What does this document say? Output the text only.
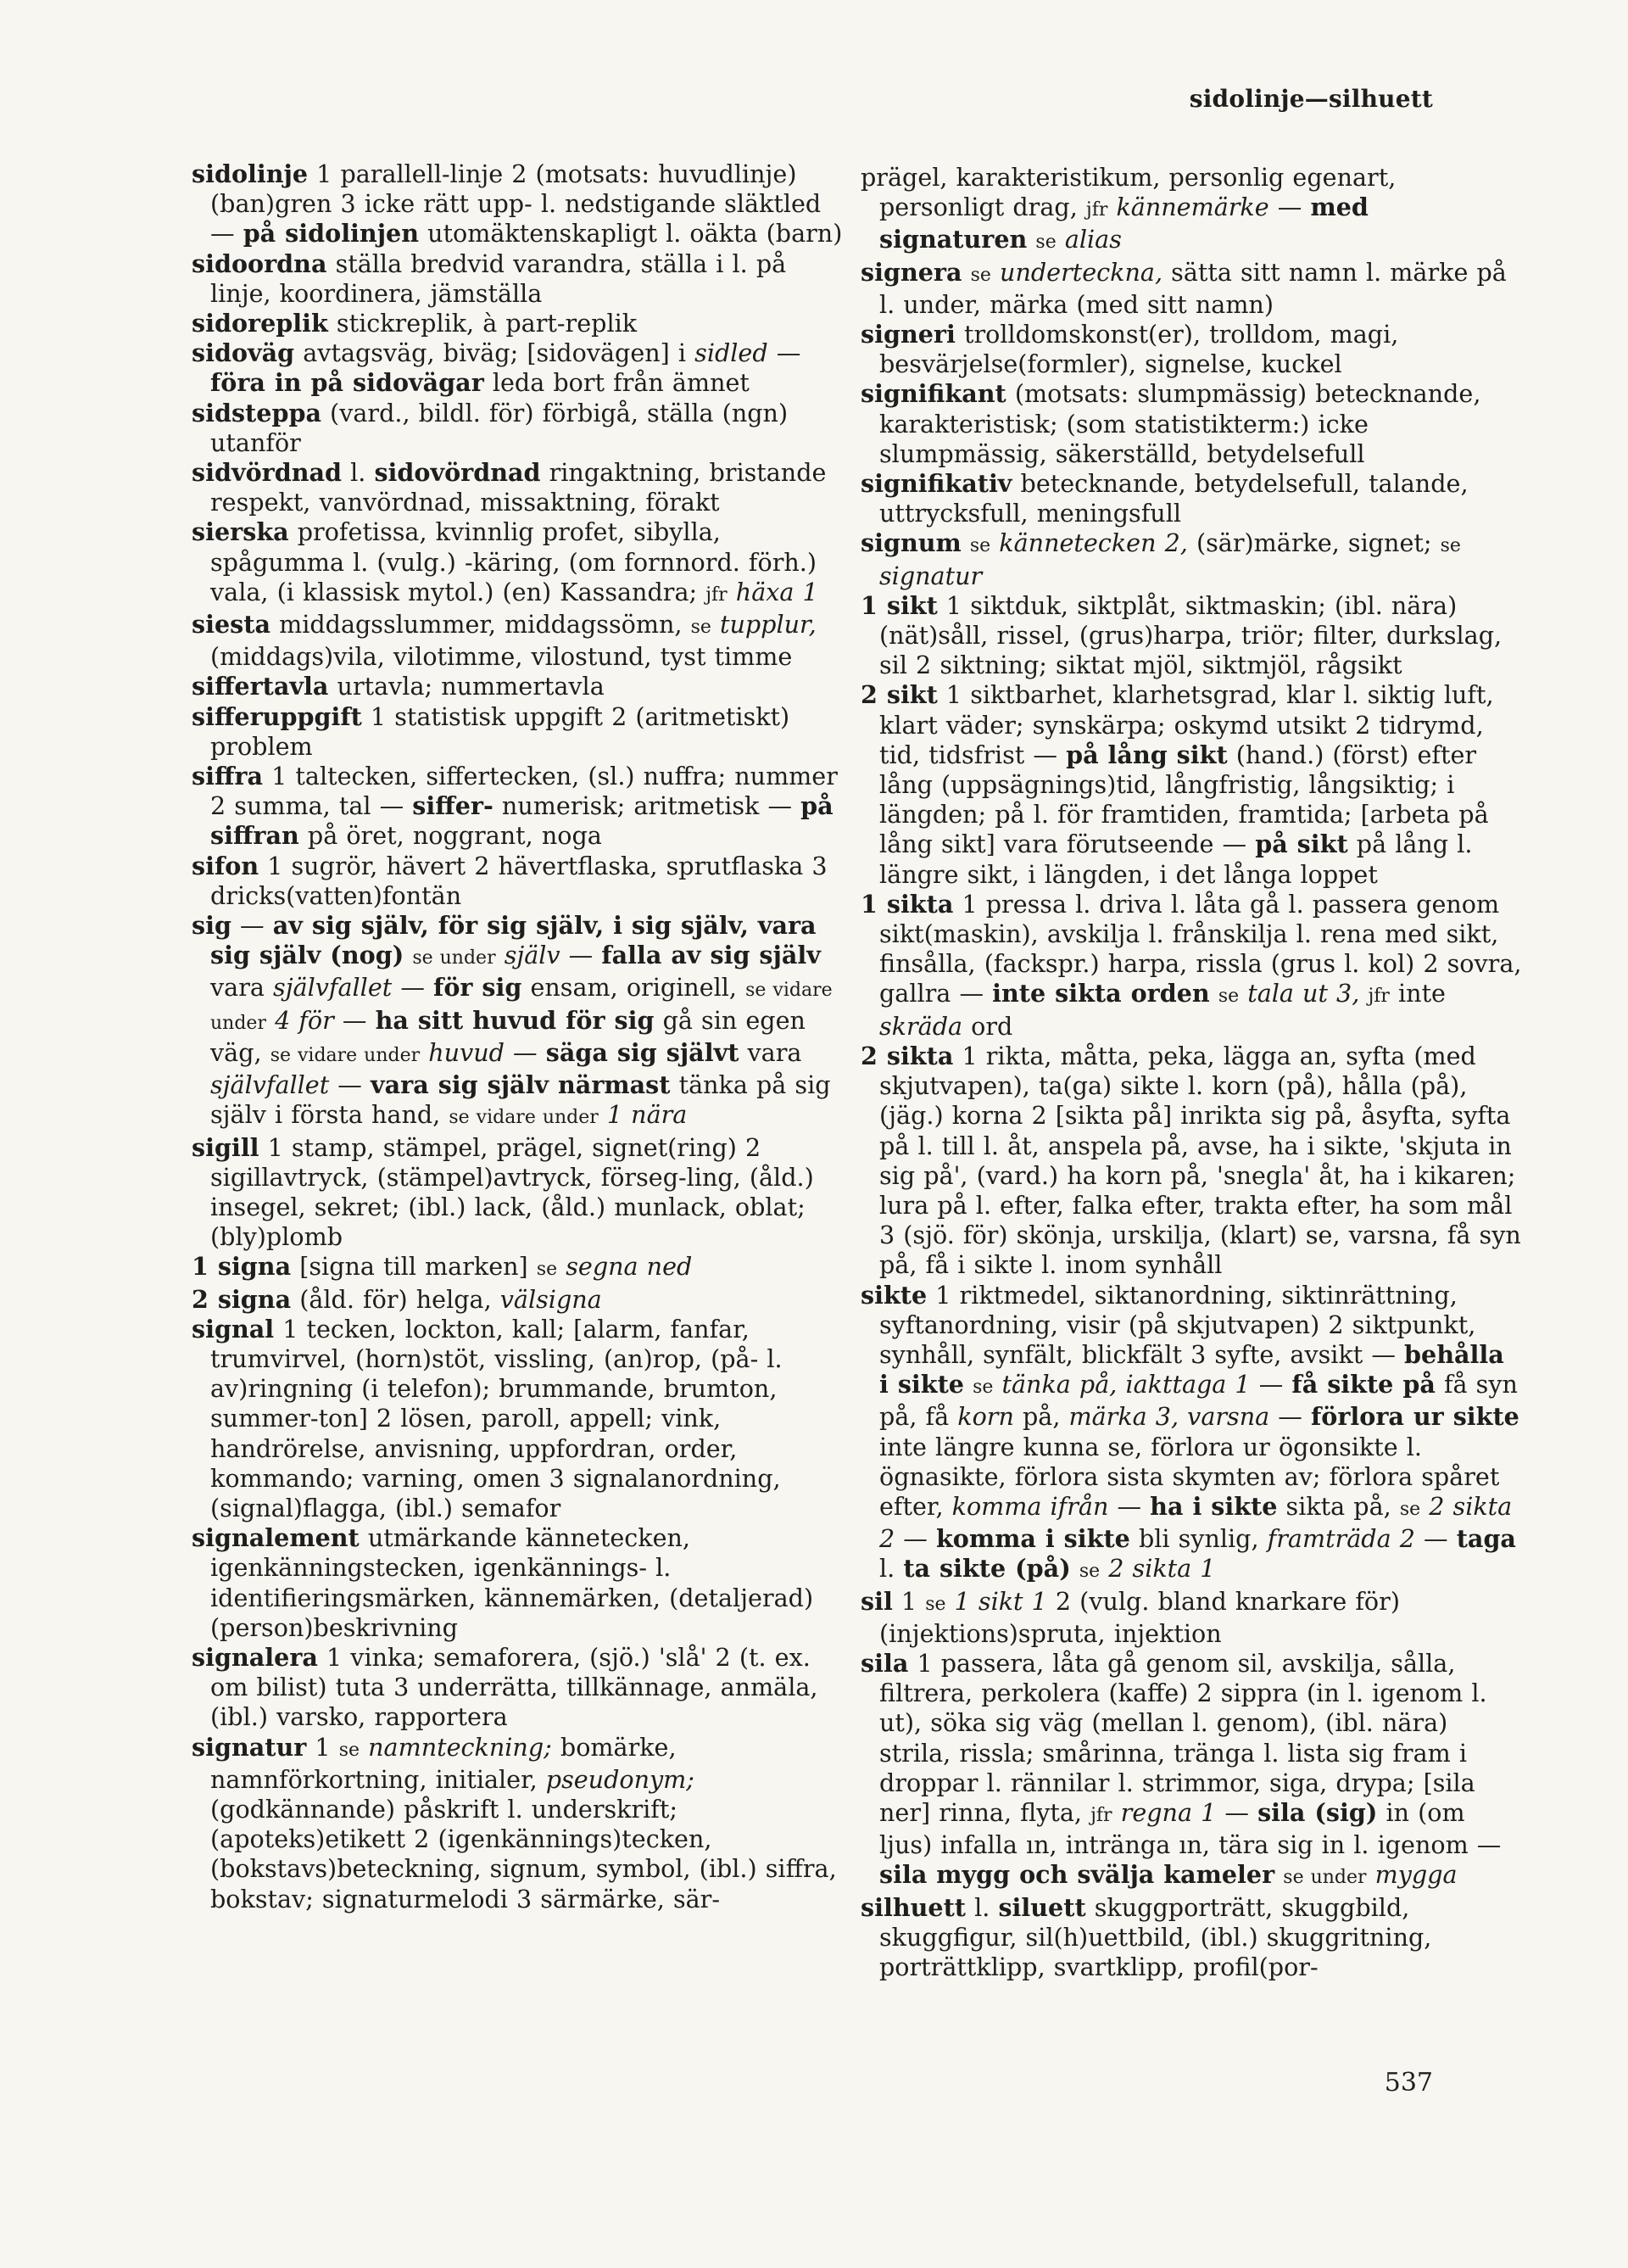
sidolinje—silhuett

sidolinje 1 parallell-linje 2 (motsats: huvudlinje) (ban)gren 3 icke rätt upp- l. nedstigande släktled — på sidolinjen utomäktenskapligt l. oäkta (barn)

sidoordna ställa bredvid varandra, ställa i l. på linje, koordinera, jämställa

sidoreplik stickreplik, à part-replik

sidoväg avtagsväg, biväg; [sidovägen] i sidled — föra in på sidovägar leda bort från ämnet

sidsteppa (vard., bildl. för) förbigå, ställa (ngn) utanför

sidvördnad l. sidovördnad ringaktning, bristande respekt, vanvördnad, missaktning, förakt

sierska profetissa, kvinnlig profet, sibylla, spågumma l. (vulg.) -käring, (om fornnord. förh.) vala, (i klassisk mytol.) (en) Kassandra; jfr häxa 1

siesta middagsslummer, middagssömn, se tupplur, (middags)vila, vilotimme, vilostund, tyst timme

siffertavla urtavla; nummertavla

sifferuppgift 1 statistisk uppgift 2 (aritmetiskt) problem

siffra 1 taltecken, siffertecken, (sl.) nuffra; nummer 2 summa, tal — siffer- numerisk; aritmetisk — på siffran på öret, noggrant, noga

sifon 1 sugrör, hävert 2 hävertflaska, sprutflaska 3 dricks(vatten)fontän

sig — av sig själv, för sig själv, i sig själv, vara sig själv (nog) se under själv — falla av sig själv vara självfallet — för sig ensam, originell, se vidare under 4 för — ha sitt huvud för sig gå sin egen väg, se vidare under huvud — säga sig självt vara självfallet — vara sig själv närmast tänka på sig själv i första hand, se vidare under 1 nära

sigill 1 stamp, stämpel, prägel, signet(ring) 2 sigillavtryck, (stämpel)avtryck, förseg-ling, (åld.) insegel, sekret; (ibl.) lack, (åld.) munlack, oblat; (bly)plomb

1 signa [signa till marken] se segna ned

2 signa (åld. för) helga, välsigna

signal 1 tecken, lockton, kall; [alarm, fanfar, trumvirvel, (horn)stöt, vissling, (an)rop, (på- l. av)ringning (i telefon); brummande, brumton, summer-ton] 2 lösen, paroll, appell; vink, handrörelse, anvisning, uppfordran, order, kommando; varning, omen 3 signalanordning, (signal)flagga, (ibl.) semafor

signalement utmärkande kännetecken, igenkänningstecken, igenkännings- l. identifieringsmärken, kännemärken, (detaljerad) (person)beskrivning

signalera 1 vinka; semaforera, (sjö.) 'slå' 2 (t. ex. om bilist) tuta 3 underrätta, tillkännage, anmäla, (ibl.) varsko, rapportera

signatur 1 se namnteckning; bomärke, namnförkortning, initialer, pseudonym; (godkännande) påskrift l. underskrift; (apoteks)etikett 2 (igenkännings)tecken, (bokstavs)beteckning, signum, symbol, (ibl.) siffra, bokstav; signaturmelodi 3 särmärke, sär-

prägel, karakteristikum, personlig egenart, personligt drag, jfr kännemärke — med signaturen se alias

signera se underteckna, sätta sitt namn l. märke på l. under, märka (med sitt namn)

signeri trolldomskonst(er), trolldom, magi, besvärjelse(formler), signelse, kuckel

signifikant (motsats: slumpmässig) betecknande, karakteristisk; (som statistikterm:) icke slumpmässig, säkerställd, betydelsefull

signifikativ betecknande, betydelsefull, talande, uttrycksfull, meningsfull

signum se kännetecken 2, (sär)märke, signet; se signatur

1 sikt 1 siktduk, siktplåt, siktmaskin; (ibl. nära) (nät)såll, rissel, (grus)harpa, triör; filter, durkslag, sil 2 siktning; siktat mjöl, siktmjöl, rågsikt

2 sikt 1 siktbarhet, klarhetsgrad, klar l. siktig luft, klart väder; synskärpa; oskymd utsikt 2 tidrymd, tid, tidsfrist — på lång sikt (hand.) (först) efter lång (uppsägnings)tid, långfristig, långsiktig; i längden; på l. för framtiden, framtida; [arbeta på lång sikt] vara förutseende — på sikt på lång l. längre sikt, i längden, i det långa loppet

1 sikta 1 pressa l. driva l. låta gå l. passera genom sikt(maskin), avskilja l. frånskilja l. rena med sikt, finsålla, (fackspr.) harpa, rissla (grus l. kol) 2 sovra, gallra — inte sikta orden se tala ut 3, jfr inte skräda ord

2 sikta 1 rikta, måtta, peka, lägga an, syfta (med skjutvapen), ta(ga) sikte l. korn (på), hålla (på), (jäg.) korna 2 [sikta på] inrikta sig på, åsyfta, syfta på l. till l. åt, anspela på, avse, ha i sikte, 'skjuta in sig på', (vard.) ha korn på, 'snegla' åt, ha i kikaren; lura på l. efter, falka efter, trakta efter, ha som mål 3 (sjö. för) skönja, urskilja, (klart) se, varsna, få syn på, få i sikte l. inom synhåll

sikte 1 riktmedel, siktanordning, siktinrättning, syftanordning, visir (på skjutvapen) 2 siktpunkt, synhåll, synfält, blickfält 3 syfte, avsikt — behålla i sikte se tänka på, iakttaga 1 — få sikte på få syn på, få korn på, märka 3, varsna — förlora ur sikte inte längre kunna se, förlora ur ögonsikte l. ögnasikte, förlora sista skymten av; förlora spåret efter, komma ifrån — ha i sikte sikta på, se 2 sikta 2 — komma i sikte bli synlig, framträda 2 — taga l. ta sikte (på) se 2 sikta 1

sil 1 se 1 sikt 1 2 (vulg. bland knarkare för) (injektions)spruta, injektion

sila 1 passera, låta gå genom sil, avskilja, sålla, filtrera, perkolera (kaffe) 2 sippra (in l. igenom l. ut), söka sig väg (mellan l. genom), (ibl. nära) strila, rissla; smårinna, tränga l. lista sig fram i droppar l. rännilar l. strimmor, siga, drypa; [sila ner] rinna, flyta, jfr regna 1 — sila (sig) in (om ljus) infalla ın, intränga ın, tära sig in l. igenom — sila mygg och svälja kameler se under mygga

silhuett l. siluett skuggporträtt, skuggbild, skuggfigur, sil(h)uettbild, (ibl.) skuggritning, porträttklipp, svartklipp, profil(por-

537
